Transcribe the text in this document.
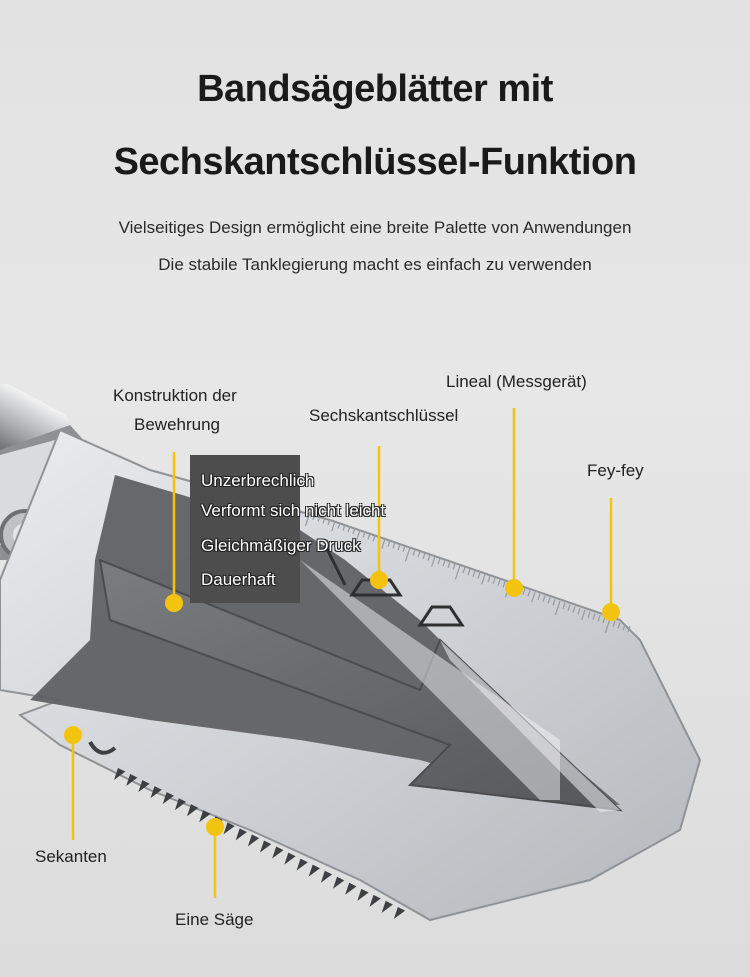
Bandsägeblätter mit
Sechskantschlüssel-Funktion
Vielseitiges Design ermöglicht eine breite Palette von Anwendungen
Die stabile Tanklegierung macht es einfach zu verwenden
Unzerbrechlich
Verformt sich nicht leicht
Gleichmäßiger Druck
Dauerhaft
Konstruktion der
Bewehrung	Sechskantschlüssel
Lineal (Messgerät)
Fey-fey
Sekanten
Eine Säge
